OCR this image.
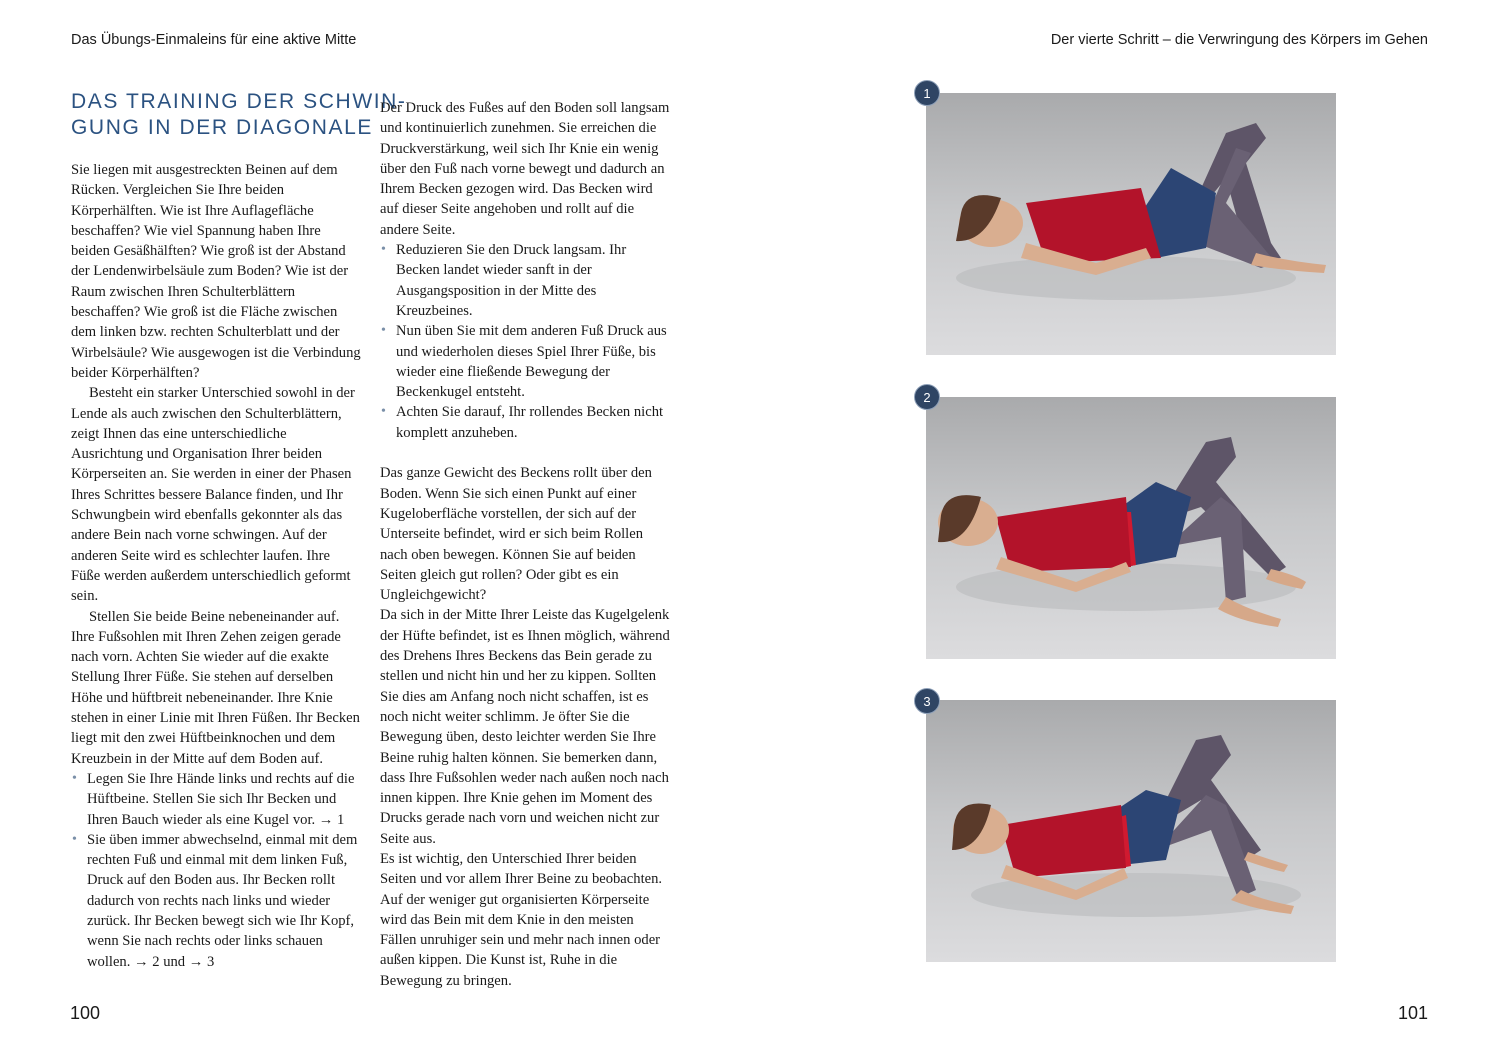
Das Übungs-Einmaleins für eine aktive Mitte	Der vierte Schritt – die Verwringung des Körpers im Gehen
DAS TRAINING DER SCHWIN-
GUNG IN DER DIAGONALE

Sie liegen mit ausgestreckten Beinen auf dem Rücken. Vergleichen Sie Ihre beiden Körperhälften. Wie ist Ihre Auflagefläche beschaffen? Wie viel Spannung haben Ihre beiden Gesäßhälften? Wie groß ist der Abstand der Lendenwirbelsäule zum Boden? Wie ist der Raum zwischen Ihren Schulterblättern beschaffen? Wie groß ist die Fläche zwischen dem linken bzw. rechten Schulterblatt und der Wirbelsäule? Wie ausgewogen ist die Verbindung beider Körperhälften?

Besteht ein starker Unterschied sowohl in der Lende als auch zwischen den Schulterblättern, zeigt Ihnen das eine unterschiedliche Ausrichtung und Organisation Ihrer beiden Körperseiten an. Sie werden in einer der Phasen Ihres Schrittes bessere Balance finden, und Ihr Schwungbein wird ebenfalls gekonnter als das andere Bein nach vorne schwingen. Auf der anderen Seite wird es schlechter laufen. Ihre Füße werden außerdem unterschiedlich geformt sein.

Stellen Sie beide Beine nebeneinander auf. Ihre Fußsohlen mit Ihren Zehen zeigen gerade nach vorn. Achten Sie wieder auf die exakte Stellung Ihrer Füße. Sie stehen auf derselben Höhe und hüftbreit nebeneinander. Ihre Knie stehen in einer Linie mit Ihren Füßen. Ihr Becken liegt mit den zwei Hüftbeinknochen und dem Kreuzbein in der Mitte auf dem Boden auf.

• Legen Sie Ihre Hände links und rechts auf die Hüftbeine. Stellen Sie sich Ihr Becken und Ihren Bauch wieder als eine Kugel vor. → 1
• Sie üben immer abwechselnd, einmal mit dem rechten Fuß und einmal mit dem linken Fuß, Druck auf den Boden aus. Ihr Becken rollt dadurch von rechts nach links und wieder zurück. Ihr Becken bewegt sich wie Ihr Kopf, wenn Sie nach rechts oder links schauen wollen. → 2 und → 3

Der Druck des Fußes auf den Boden soll langsam und kontinuierlich zunehmen. Sie erreichen die Druckverstärkung, weil sich Ihr Knie ein wenig über den Fuß nach vorne bewegt und dadurch an Ihrem Becken gezogen wird. Das Becken wird auf dieser Seite angehoben und rollt auf die andere Seite.

• Reduzieren Sie den Druck langsam. Ihr Becken landet wieder sanft in der Ausgangsposition in der Mitte des Kreuzbeines.
• Nun üben Sie mit dem anderen Fuß Druck aus und wiederholen dieses Spiel Ihrer Füße, bis wieder eine fließende Bewegung der Beckenkugel entsteht.
• Achten Sie darauf, Ihr rollendes Becken nicht komplett anzuheben.

Das ganze Gewicht des Beckens rollt über den Boden. Wenn Sie sich einen Punkt auf einer Kugeloberfläche vorstellen, der sich auf der Unterseite befindet, wird er sich beim Rollen nach oben bewegen. Können Sie auf beiden Seiten gleich gut rollen? Oder gibt es ein Ungleichgewicht?

Da sich in der Mitte Ihrer Leiste das Kugelgelenk der Hüfte befindet, ist es Ihnen möglich, während des Drehens Ihres Beckens das Bein gerade zu stellen und nicht hin und her zu kippen. Sollten Sie dies am Anfang noch nicht schaffen, ist es noch nicht weiter schlimm. Je öfter Sie die Bewegung üben, desto leichter werden Sie Ihre Beine ruhig halten können. Sie bemerken dann, dass Ihre Fußsohlen weder nach außen noch nach innen kippen. Ihre Knie gehen im Moment des Drucks gerade nach vorn und weichen nicht zur Seite aus.

Es ist wichtig, den Unterschied Ihrer beiden Seiten und vor allem Ihrer Beine zu beobachten. Auf der weniger gut organisierten Körperseite wird das Bein mit dem Knie in den meisten Fällen unruhiger sein und mehr nach innen oder außen kippen. Die Kunst ist, Ruhe in die Bewegung zu bringen.

1
2
3
100	101
